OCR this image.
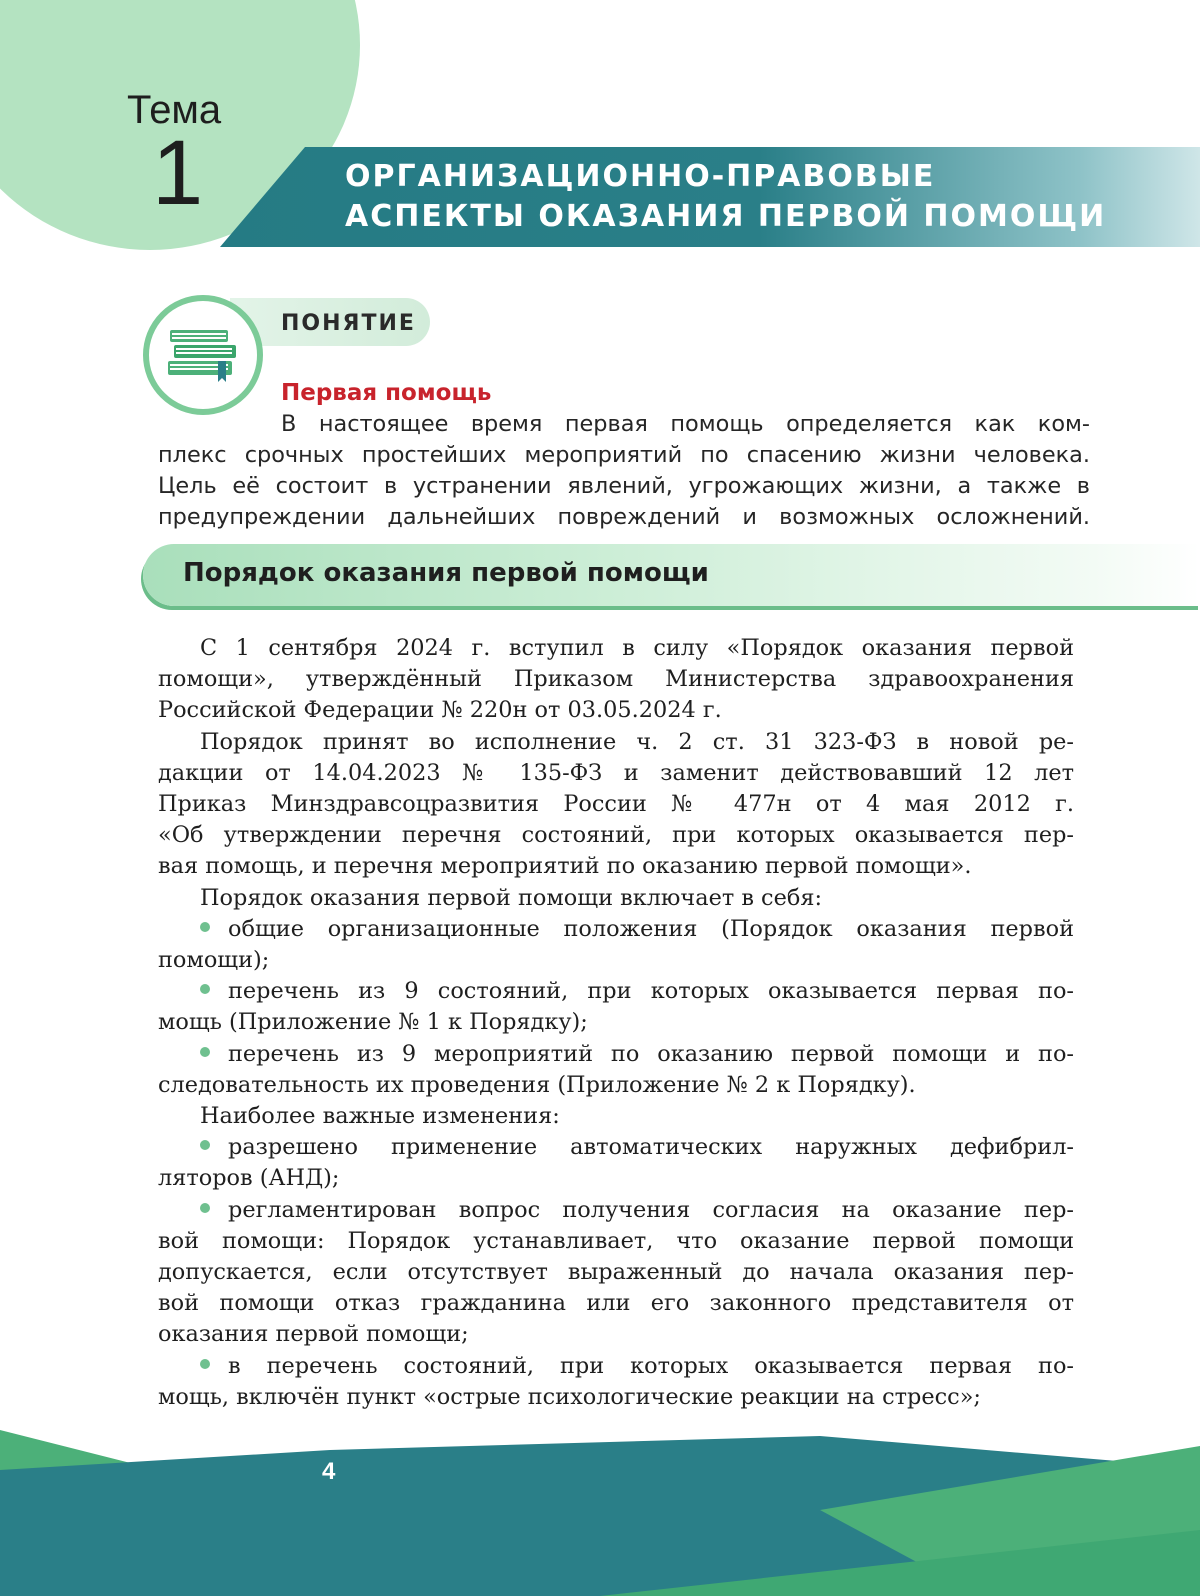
Тема

1	ОРГАНИЗАЦИОННО-ПРАВОВЫЕ
АСПЕКТЫ ОКАЗАНИЯ ПЕРВОЙ ПОМОЩИ

ПОНЯТИЕ

Первая помощь

В настоящее время первая помощь определяется как ком-
плекс срочных простейших мероприятий по спасению жизни человека.
Цель её состоит в устранении явлений, угрожающих жизни, а также в
предупреждении дальнейших повреждений и возможных осложнений.

Порядок оказания первой помощи
С 1 сентября 2024 г. вступил в силу «Порядок оказания первой
помощи», утверждённый Приказом Министерства здравоохранения
Российской Федерации № 220н от 03.05.2024 г.
Порядок принят во исполнение ч. 2 ст. 31 323-ФЗ в новой ре-
дакции от 14.04.2023 № 135-ФЗ и заменит действовавший 12 лет
Приказ Минздравсоцразвития России № 477н от 4 мая 2012 г.
«Об утверждении перечня состояний, при которых оказывается пер-
вая помощь, и перечня мероприятий по оказанию первой помощи».
Порядок оказания первой помощи включает в себя:
общие организационные положения (Порядок оказания первой
помощи);
перечень из 9 состояний, при которых оказывается первая по-
мощь (Приложение № 1 к Порядку);
перечень из 9 мероприятий по оказанию первой помощи и по-
следовательность их проведения (Приложение № 2 к Порядку).
Наиболее важные изменения:
разрешено применение автоматических наружных дефибрил-
ляторов (АНД);
регламентирован вопрос получения согласия на оказание пер-
вой помощи: Порядок устанавливает, что оказание первой помощи
допускается, если отсутствует выраженный до начала оказания пер-
вой помощи отказ гражданина или его законного представителя от
оказания первой помощи;
в перечень состояний, при которых оказывается первая по-
мощь, включён пункт «острые психологические реакции на стресс»;

4
